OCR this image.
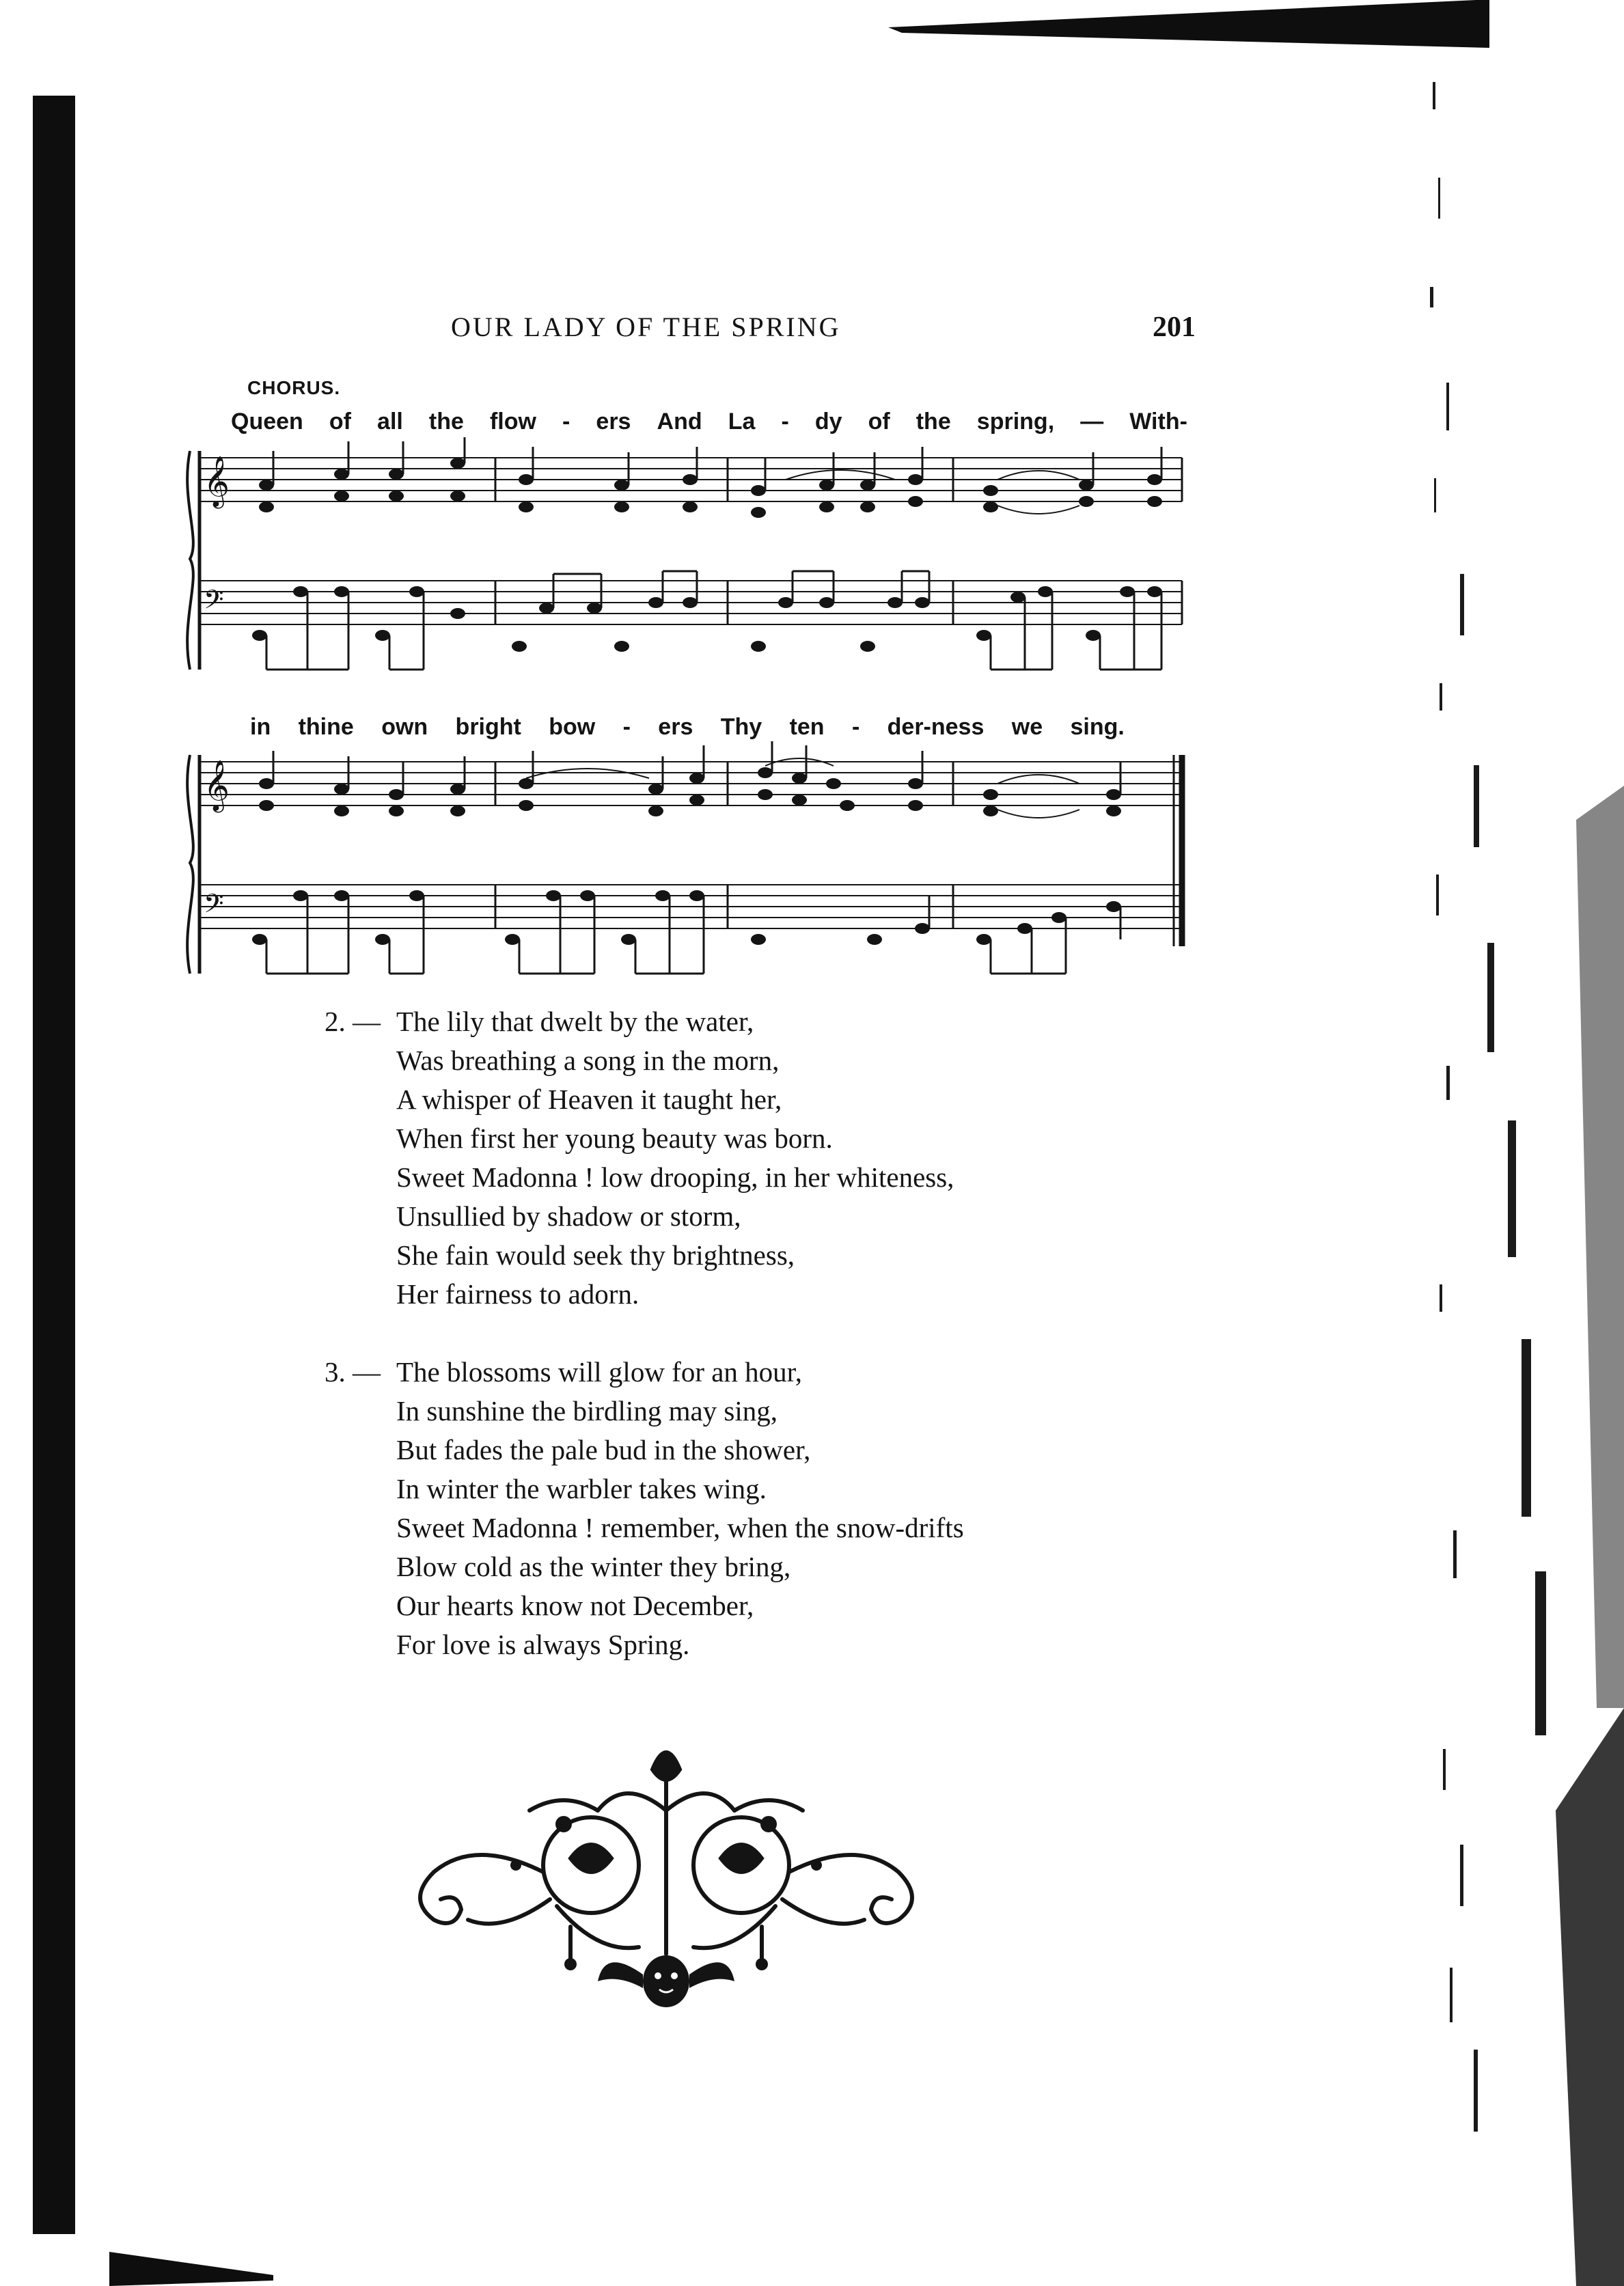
OUR LADY OF THE SPRING	201
CHORUS.
Queen of all the flow - ers And La - dy of the spring, — With-
𝄞
𝄢
in thine own bright bow - ers Thy ten - der-ness we sing.
𝄞
𝄢
2. — The lily that dwelt by the water,
Was breathing a song in the morn,
A whisper of Heaven it taught her,
When first her young beauty was born.
Sweet Madonna ! low drooping, in her whiteness,
Unsullied by shadow or storm,
She fain would seek thy brightness,
Her fairness to adorn.
3. — The blossoms will glow for an hour,
In sunshine the birdling may sing,
But fades the pale bud in the shower,
In winter the warbler takes wing.
Sweet Madonna ! remember, when the snow-drifts
Blow cold as the winter they bring,
Our hearts know not December,
For love is always Spring.
